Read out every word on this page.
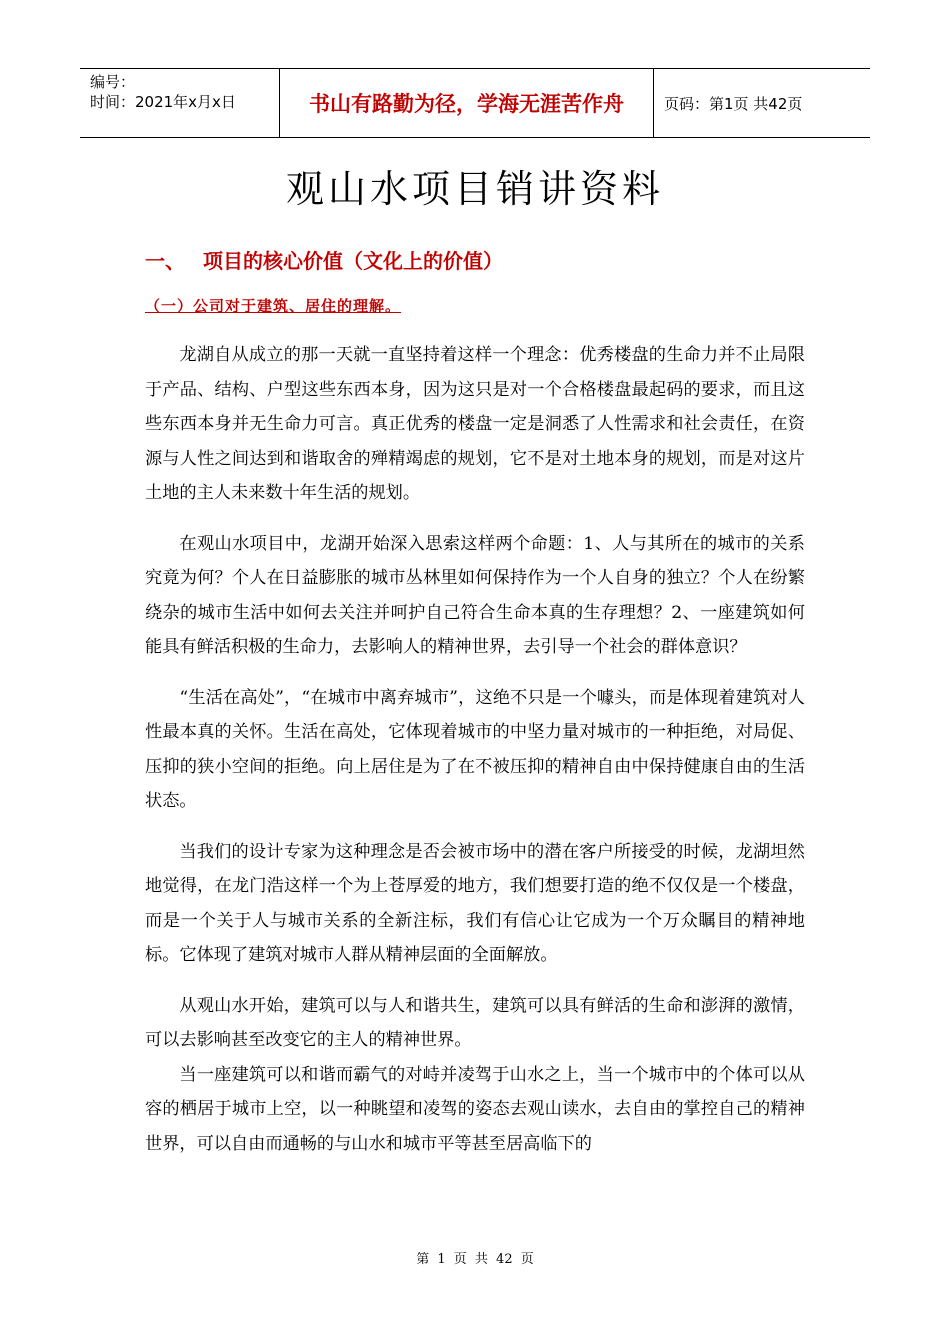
编号：
时间：2021年x月x日	书山有路勤为径，学海无涯苦作舟	页码：第1页 共42页
观山水项目销讲资料
一、 项目的核心价值（文化上的价值）
（一）公司对于建筑、居住的理解。

龙湖自从成立的那一天就一直坚持着这样一个理念：优秀楼盘的生命力并不止局限于产品、结构、户型这些东西本身，因为这只是对一个合格楼盘最起码的要求，而且这些东西本身并无生命力可言。真正优秀的楼盘一定是洞悉了人性需求和社会责任，在资源与人性之间达到和谐取舍的殚精竭虑的规划，它不是对土地本身的规划，而是对这片土地的主人未来数十年生活的规划。

在观山水项目中，龙湖开始深入思索这样两个命题：1、人与其所在的城市的关系究竟为何？个人在日益膨胀的城市丛林里如何保持作为一个人自身的独立？个人在纷繁绕杂的城市生活中如何去关注并呵护自己符合生命本真的生存理想？2、一座建筑如何能具有鲜活积极的生命力，去影响人的精神世界，去引导一个社会的群体意识？

“生活在高处”，“在城市中离弃城市”，这绝不只是一个噱头，而是体现着建筑对人性最本真的关怀。生活在高处，它体现着城市的中坚力量对城市的一种拒绝，对局促、压抑的狭小空间的拒绝。向上居住是为了在不被压抑的精神自由中保持健康自由的生活状态。

当我们的设计专家为这种理念是否会被市场中的潜在客户所接受的时候，龙湖坦然地觉得，在龙门浩这样一个为上苍厚爱的地方，我们想要打造的绝不仅仅是一个楼盘，而是一个关于人与城市关系的全新注标，我们有信心让它成为一个万众瞩目的精神地标。它体现了建筑对城市人群从精神层面的全面解放。

从观山水开始，建筑可以与人和谐共生，建筑可以具有鲜活的生命和澎湃的激情，可以去影响甚至改变它的主人的精神世界。

当一座建筑可以和谐而霸气的对峙并凌驾于山水之上，当一个城市中的个体可以从容的栖居于城市上空，以一种眺望和凌驾的姿态去观山读水，去自由的掌控自己的精神世界，可以自由而通畅的与山水和城市平等甚至居高临下的

第 1 页 共 42 页
